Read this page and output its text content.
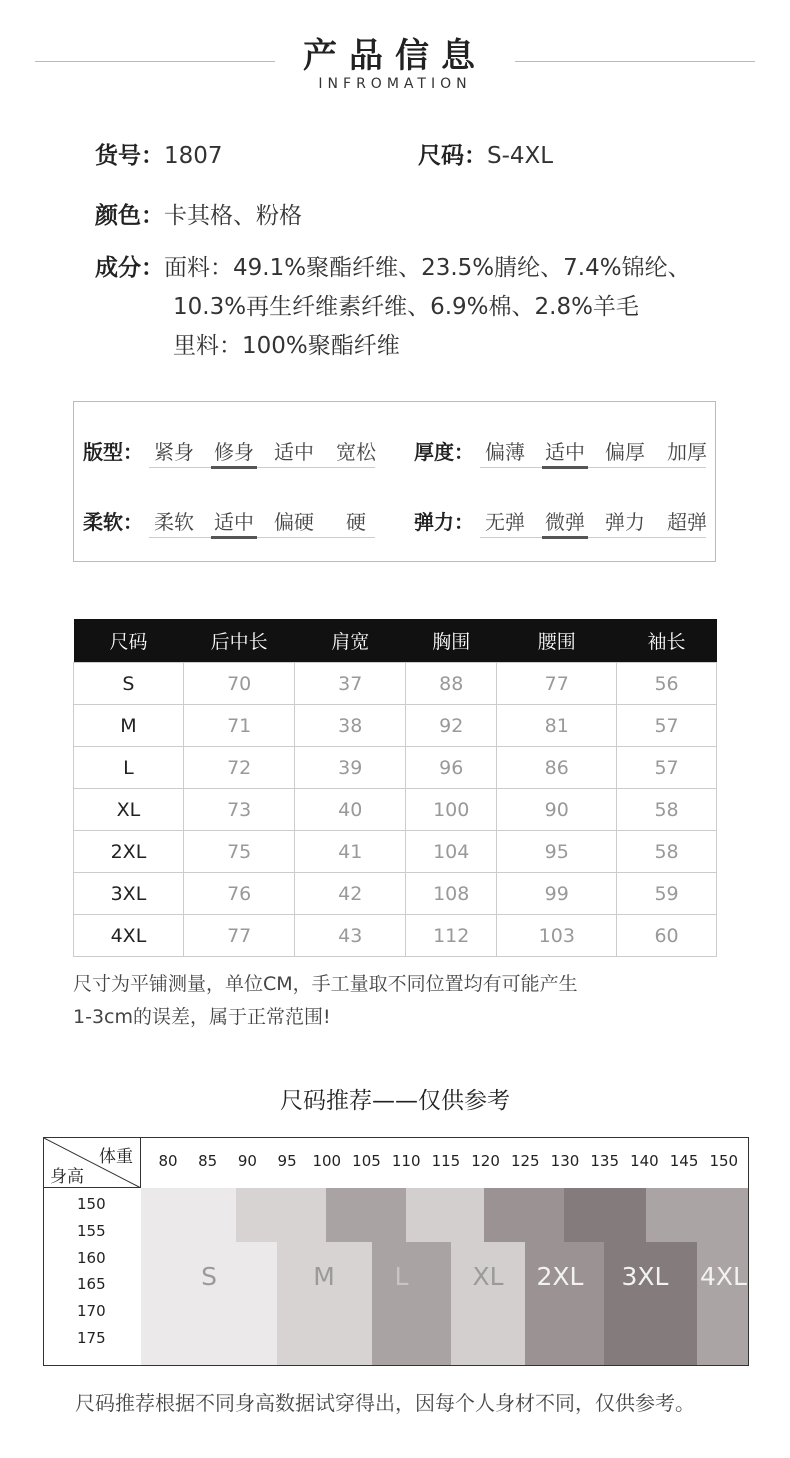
产品信息
INFROMATION
货号：1807	尺码：S-4XL
颜色：卡其格、粉格
成分：面料：49.1%聚酯纤维、23.5%腈纶、7.4%锦纶、
10.3%再生纤维素纤维、6.9%棉、2.8%羊毛
里料：100%聚酯纤维
版型： 紧身 修身 适中 宽松 厚度： 偏薄 适中 偏厚 加厚
柔软： 柔软 适中 偏硬	硬	弹力： 无弹 微弹 弹力 超弹
尺码	后中长	肩宽	胸围	腰围	袖长
S	70	37	88	77	56
M	71	38	92	81	57
L	72	39	96	86	57
XL	73	40	100	90	58
2XL	75	41	104	95	58
3XL	76	42	108	99	59
4XL	77	43	112	103	60
尺寸为平铺测量，单位CM，手工量取不同位置均有可能产生
1-3cm的误差，属于正常范围!
尺码推荐——仅供参考
体重
身高
80	85	90	95	100 105 110 115 120 125 130 135 140 145 150
150
155
160
165
170
175
S	M	L	XL	2XL	3XL	4XL
尺码推荐根据不同身高数据试穿得出，因每个人身材不同，仅供参考。
